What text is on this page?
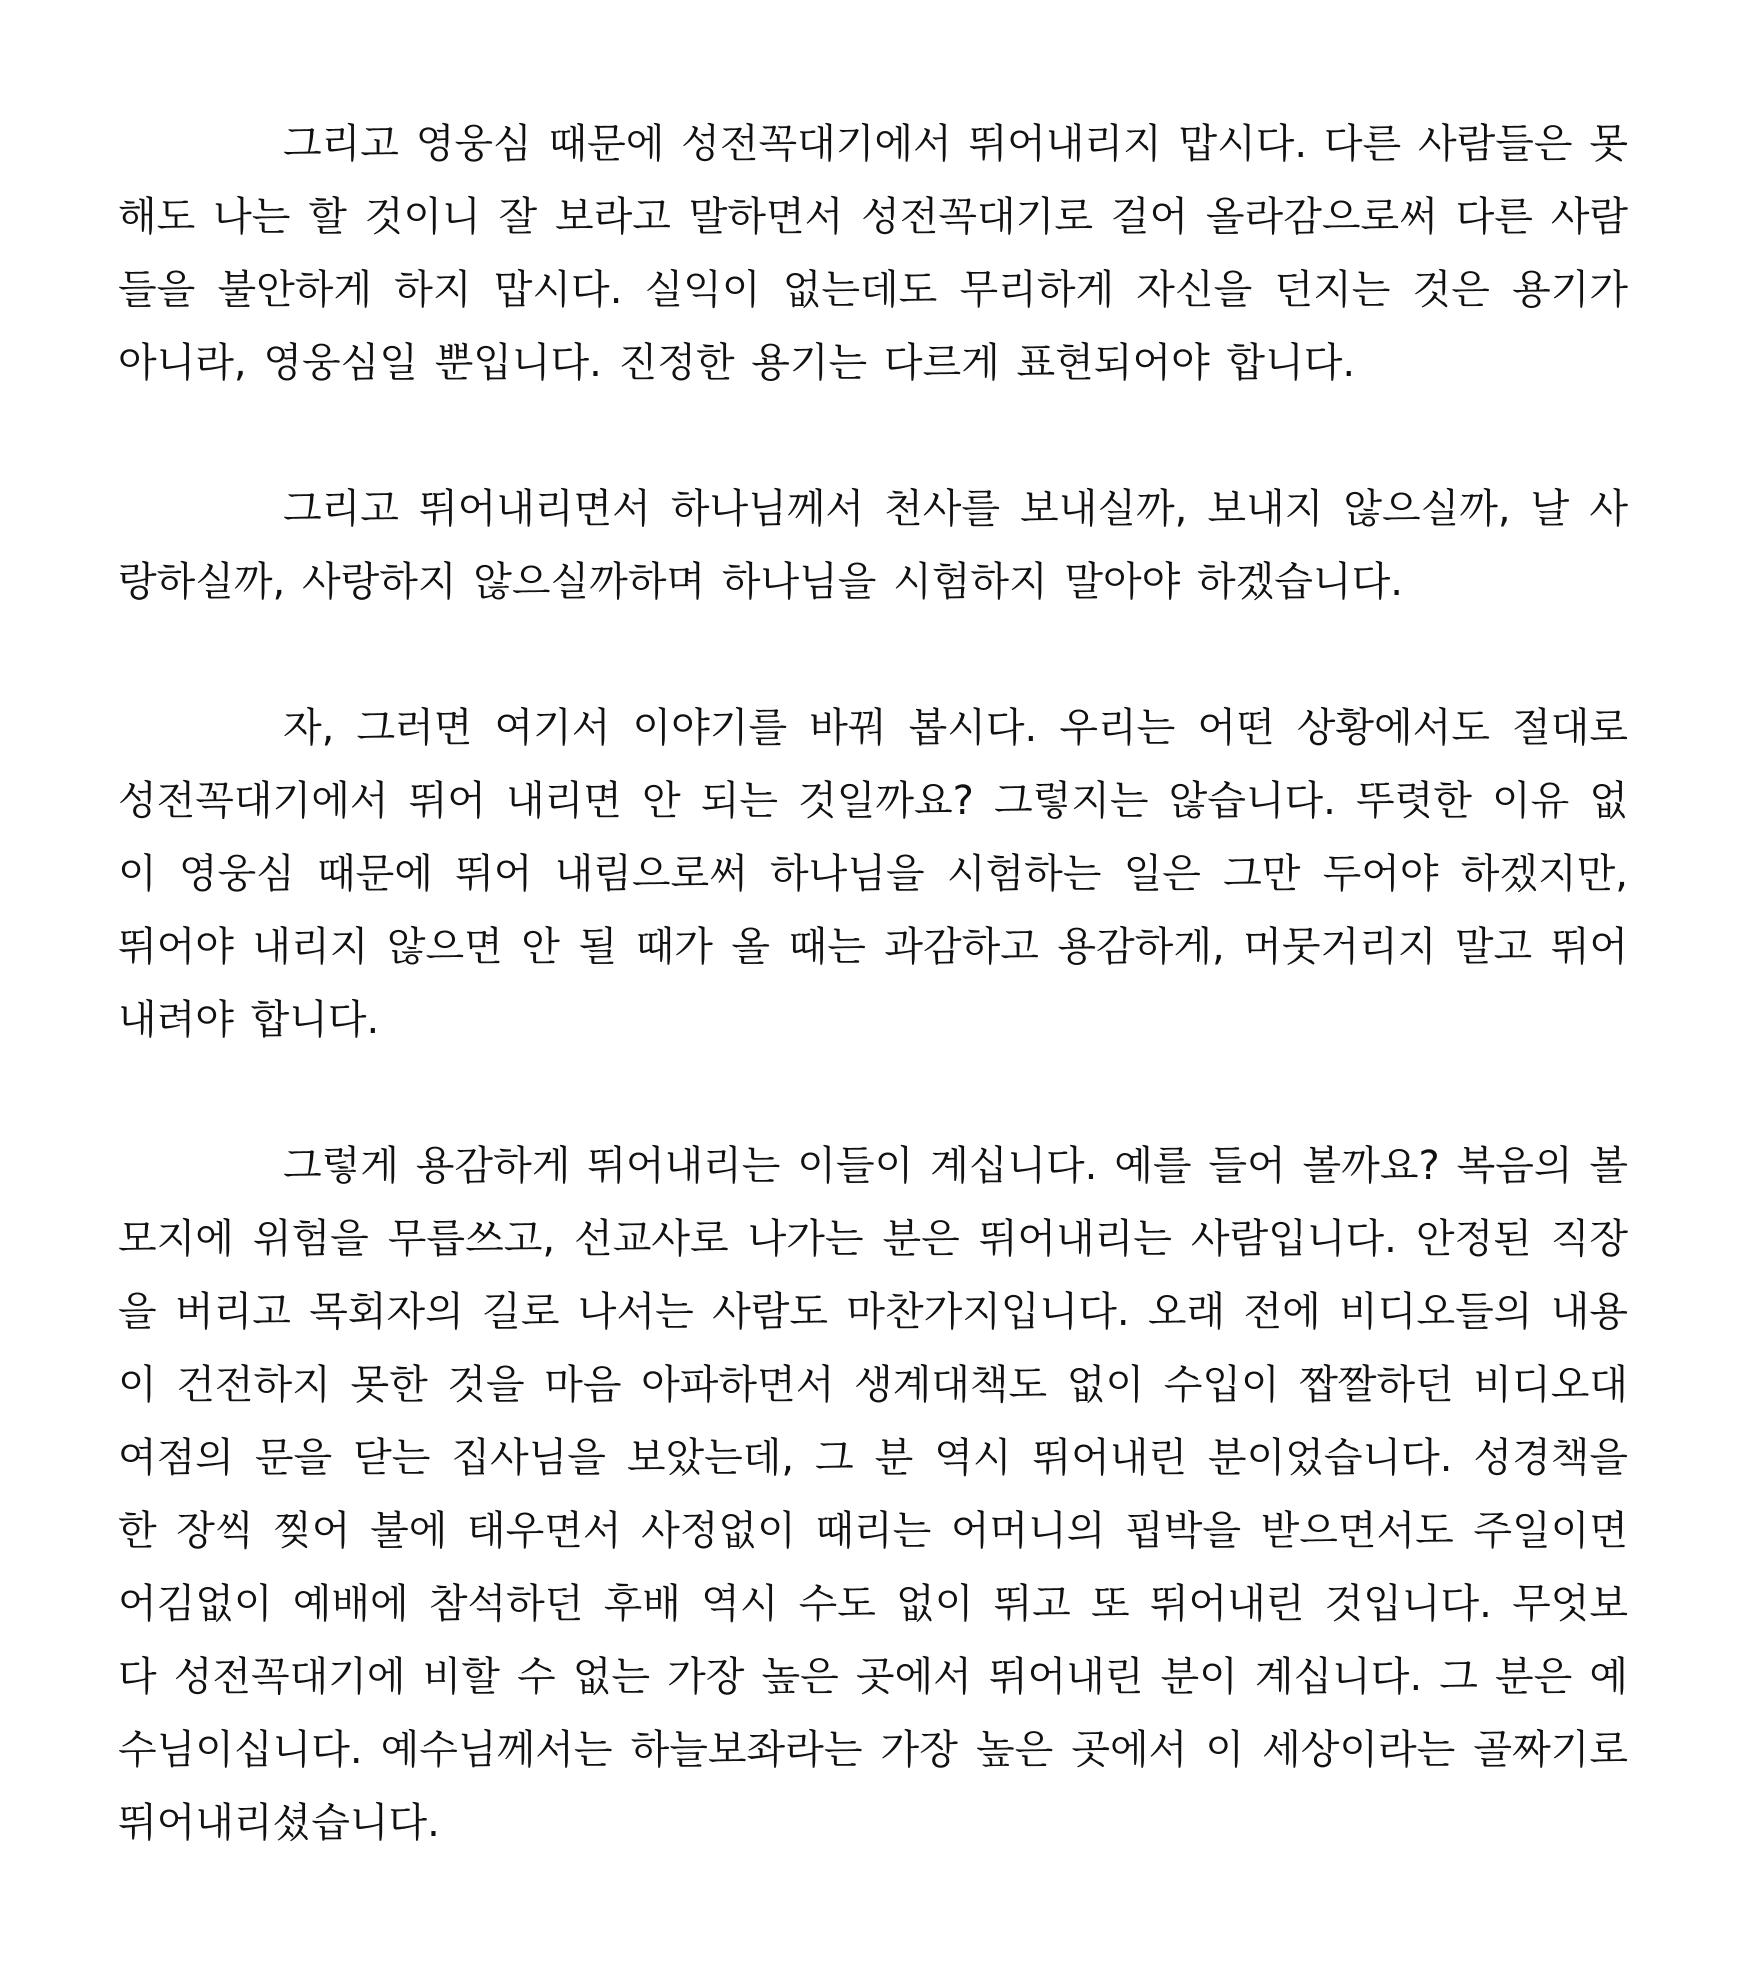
그리고 영웅심 때문에 성전꼭대기에서 뛰어내리지 맙시다. 다른 사람들은 못해도 나는 할 것이니 잘 보라고 말하면서 성전꼭대기로 걸어 올라감으로써 다른 사람들을 불안하게 하지 맙시다. 실익이 없는데도 무리하게 자신을 던지는 것은 용기가 아니라, 영웅심일 뿐입니다. 진정한 용기는 다르게 표현되어야 합니다.

그리고 뛰어내리면서 하나님께서 천사를 보내실까, 보내지 않으실까, 날 사랑하실까, 사랑하지 않으실까하며 하나님을 시험하지 말아야 하겠습니다.

자, 그러면 여기서 이야기를 바꿔 봅시다. 우리는 어떤 상황에서도 절대로 성전꼭대기에서 뛰어 내리면 안 되는 것일까요? 그렇지는 않습니다. 뚜렷한 이유 없이 영웅심 때문에 뛰어 내림으로써 하나님을 시험하는 일은 그만 두어야 하겠지만, 뛰어야 내리지 않으면 안 될 때가 올 때는 과감하고 용감하게, 머뭇거리지 말고 뛰어 내려야 합니다.

그렇게 용감하게 뛰어내리는 이들이 계십니다. 예를 들어 볼까요? 복음의 볼모지에 위험을 무릅쓰고, 선교사로 나가는 분은 뛰어내리는 사람입니다. 안정된 직장을 버리고 목회자의 길로 나서는 사람도 마찬가지입니다. 오래 전에 비디오들의 내용이 건전하지 못한 것을 마음 아파하면서 생계대책도 없이 수입이 짭짤하던 비디오대여점의 문을 닫는 집사님을 보았는데, 그 분 역시 뛰어내린 분이었습니다. 성경책을 한 장씩 찢어 불에 태우면서 사정없이 때리는 어머니의 핍박을 받으면서도 주일이면 어김없이 예배에 참석하던 후배 역시 수도 없이 뛰고 또 뛰어내린 것입니다. 무엇보다 성전꼭대기에 비할 수 없는 가장 높은 곳에서 뛰어내린 분이 계십니다. 그 분은 예수님이십니다. 예수님께서는 하늘보좌라는 가장 높은 곳에서 이 세상이라는 골짜기로 뛰어내리셨습니다.
